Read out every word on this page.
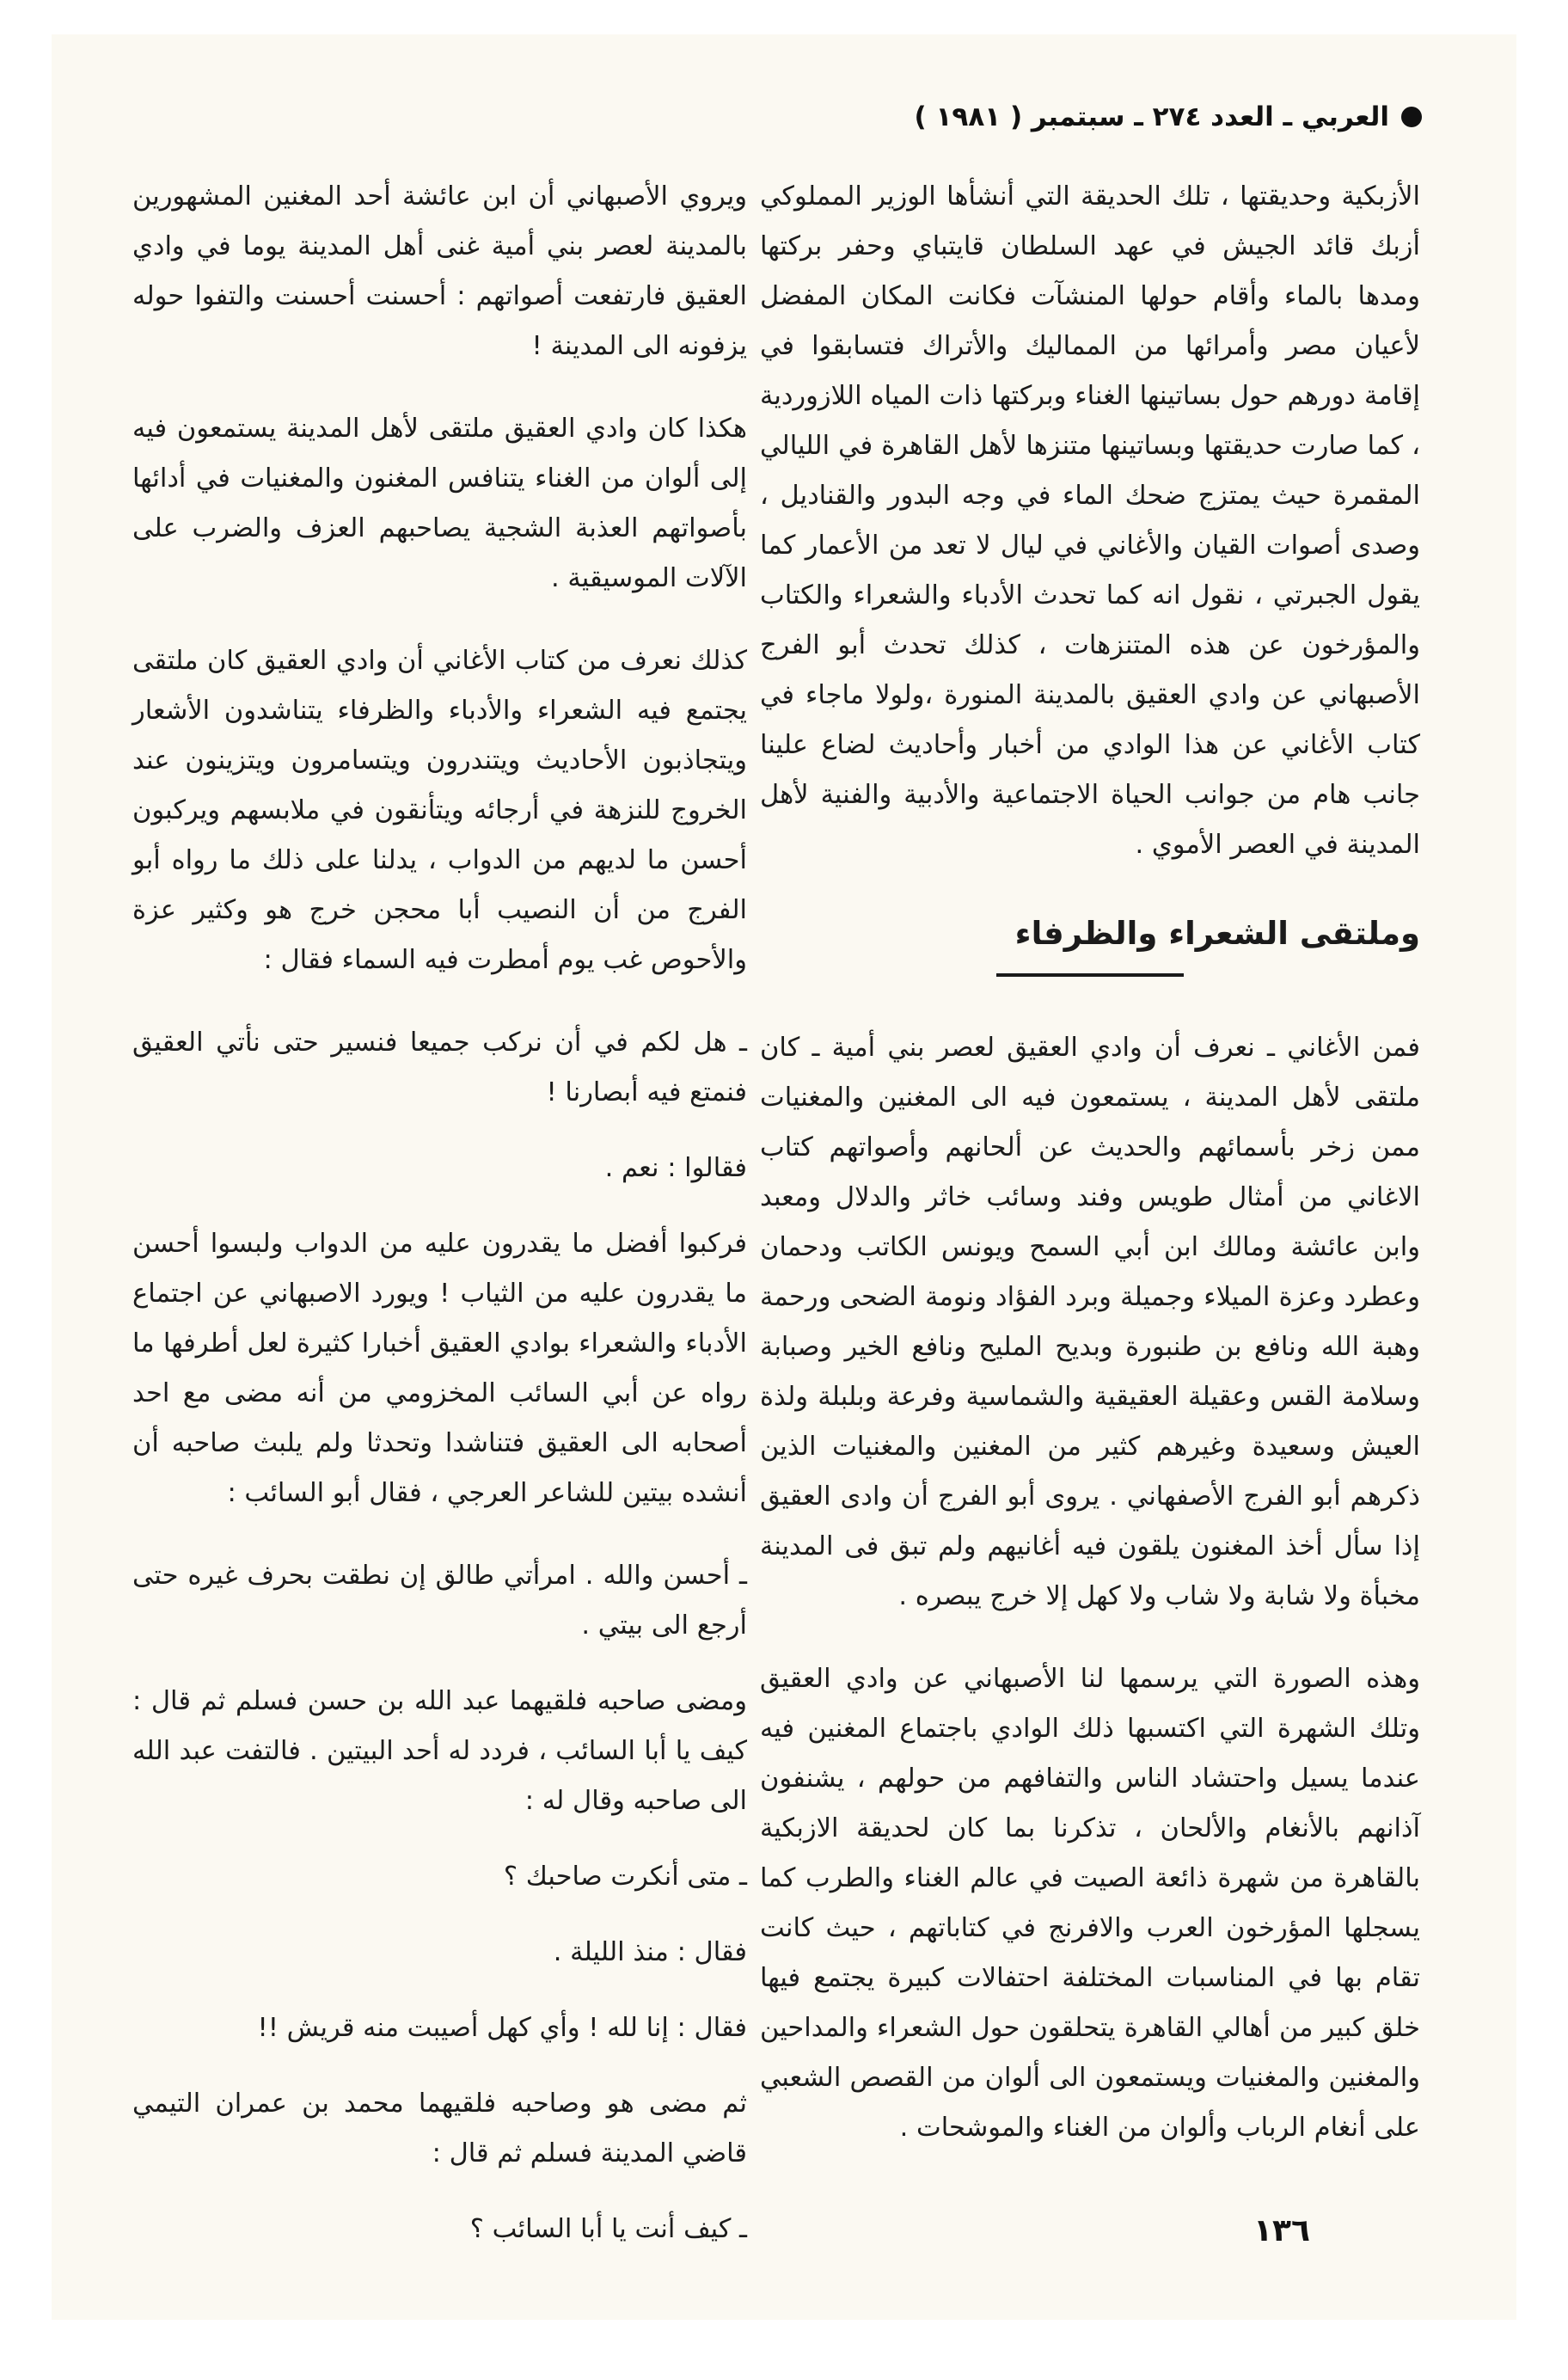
العربي ـ العدد ٢٧٤ ـ سبتمبر ( ١٩٨١ )

الأزبكية وحديقتها ، تلك الحديقة التي أنشأها الوزير المملوكي أزبك قائد الجيش في عهد السلطان قايتباي وحفر بركتها ومدها بالماء وأقام حولها المنشآت فكانت المكان المفضل لأعيان مصر وأمرائها من المماليك والأتراك فتسابقوا في إقامة دورهم حول بساتينها الغناء وبركتها ذات المياه اللازوردية ، كما صارت حديقتها وبساتينها متنزها لأهل القاهرة في الليالي المقمرة حيث يمتزج ضحك الماء في وجه البدور والقناديل ، وصدى أصوات القيان والأغاني في ليال لا تعد من الأعمار كما يقول الجبرتي ، نقول انه كما تحدث الأدباء والشعراء والكتاب والمؤرخون عن هذه المتنزهات ، كذلك تحدث أبو الفرج الأصبهاني عن وادي العقيق بالمدينة المنورة ،ولولا ماجاء في كتاب الأغاني عن هذا الوادي من أخبار وأحاديث لضاع علينا جانب هام من جوانب الحياة الاجتماعية والأدبية والفنية لأهل المدينة في العصر الأموي .

وملتقى الشعراء والظرفاء

فمن الأغاني ـ نعرف أن وادي العقيق لعصر بني أمية ـ كان ملتقى لأهل المدينة ، يستمعون فيه الى المغنين والمغنيات ممن زخر بأسمائهم والحديث عن ألحانهم وأصواتهم كتاب الاغاني من أمثال طويس وفند وسائب خاثر والدلال ومعبد وابن عائشة ومالك ابن أبي السمح ويونس الكاتب ودحمان وعطرد وعزة الميلاء وجميلة وبرد الفؤاد ونومة الضحى ورحمة وهبة الله ونافع بن طنبورة وبديح المليح ونافع الخير وصبابة وسلامة القس وعقيلة العقيقية والشماسية وفرعة وبلبلة ولذة العيش وسعيدة وغيرهم كثير من المغنين والمغنيات الذين ذكرهم أبو الفرج الأصفهاني . يروى أبو الفرج أن وادى العقيق إذا سأل أخذ المغنون يلقون فيه أغانيهم ولم تبق فى المدينة مخبأة ولا شابة ولا شاب ولا كهل إلا خرج يبصره .

وهذه الصورة التي يرسمها لنا الأصبهاني عن وادي العقيق وتلك الشهرة التي اكتسبها ذلك الوادي باجتماع المغنين فيه عندما يسيل واحتشاد الناس والتفافهم من حولهم ، يشنفون آذانهم بالأنغام والألحان ، تذكرنا بما كان لحديقة الازبكية بالقاهرة من شهرة ذائعة الصيت في عالم الغناء والطرب كما يسجلها المؤرخون العرب والافرنج في كتاباتهم ، حيث كانت تقام بها في المناسبات المختلفة احتفالات كبيرة يجتمع فيها خلق كبير من أهالي القاهرة يتحلقون حول الشعراء والمداحين والمغنين والمغنيات ويستمعون الى ألوان من القصص الشعبي على أنغام الرباب وألوان من الغناء والموشحات .

ويروي الأصبهاني أن ابن عائشة أحد المغنين المشهورين بالمدينة لعصر بني أمية غنى أهل المدينة يوما في وادي العقيق فارتفعت أصواتهم : أحسنت أحسنت والتفوا حوله يزفونه الى المدينة !

هكذا كان وادي العقيق ملتقى لأهل المدينة يستمعون فيه إلى ألوان من الغناء يتنافس المغنون والمغنيات في أدائها بأصواتهم العذبة الشجية يصاحبهم العزف والضرب على الآلات الموسيقية .

كذلك نعرف من كتاب الأغاني أن وادي العقيق كان ملتقى يجتمع فيه الشعراء والأدباء والظرفاء يتناشدون الأشعار ويتجاذبون الأحاديث ويتندرون ويتسامرون ويتزينون عند الخروج للنزهة في أرجائه ويتأنقون في ملابسهم ويركبون أحسن ما لديهم من الدواب ، يدلنا على ذلك ما رواه أبو الفرج من أن النصيب أبا محجن خرج هو وكثير عزة والأحوص غب يوم أمطرت فيه السماء فقال :

ـ هل لكم في أن نركب جميعا فنسير حتى نأتي العقيق فنمتع فيه أبصارنا !

فقالوا : نعم .

فركبوا أفضل ما يقدرون عليه من الدواب ولبسوا أحسن ما يقدرون عليه من الثياب ! ويورد الاصبهاني عن اجتماع الأدباء والشعراء بوادي العقيق أخبارا كثيرة لعل أطرفها ما رواه عن أبي السائب المخزومي من أنه مضى مع احد أصحابه الى العقيق فتناشدا وتحدثا ولم يلبث صاحبه أن أنشده بيتين للشاعر العرجي ، فقال أبو السائب :

ـ أحسن والله . امرأتي طالق إن نطقت بحرف غيره حتى أرجع الى بيتي .

ومضى صاحبه فلقيهما عبد الله بن حسن فسلم ثم قال : كيف يا أبا السائب ، فردد له أحد البيتين . فالتفت عبد الله الى صاحبه وقال له :

ـ متى أنكرت صاحبك ؟

فقال : منذ الليلة .

فقال : إنا لله ! وأي كهل أصيبت منه قريش !!

ثم مضى هو وصاحبه فلقيهما محمد بن عمران التيمي قاضي المدينة فسلم ثم قال :

ـ كيف أنت يا أبا السائب ؟	١٣٦
